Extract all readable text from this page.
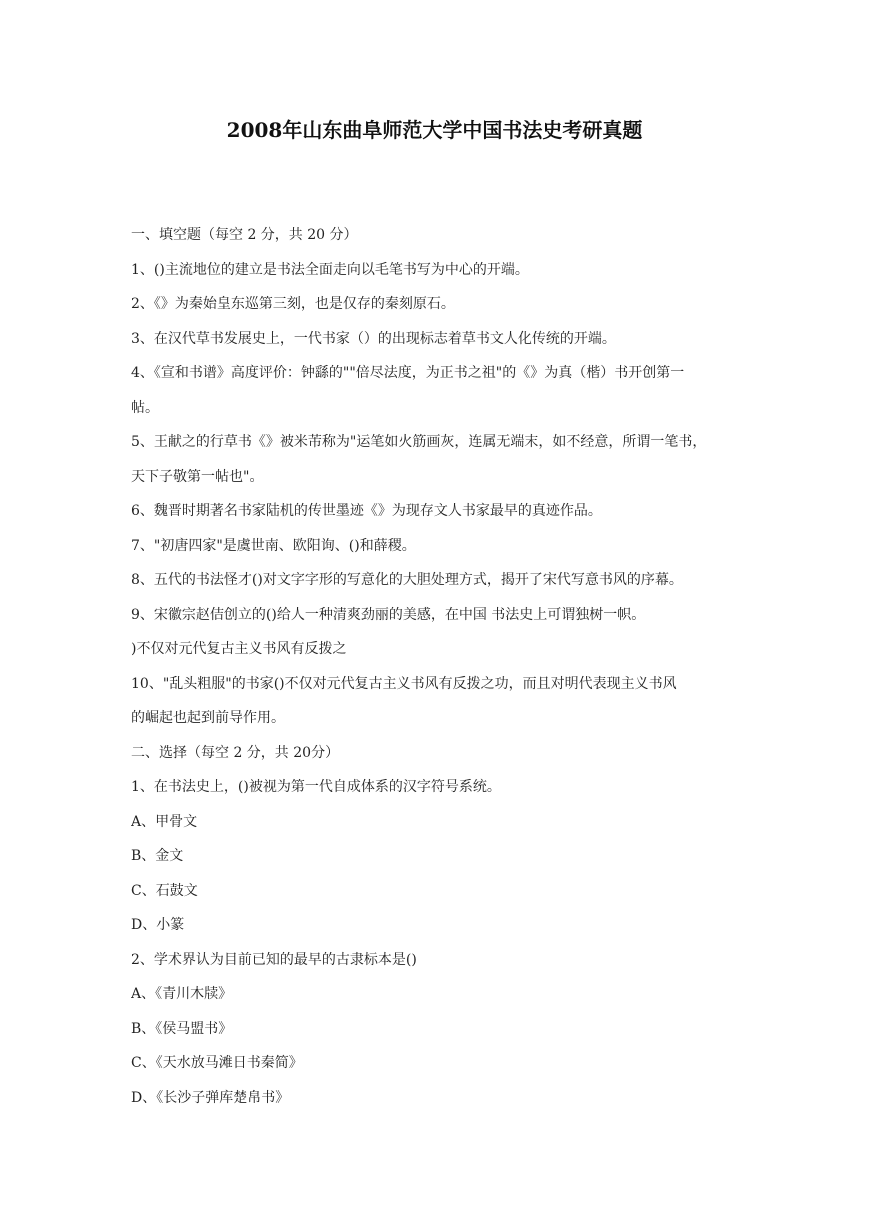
2008年山东曲阜师范大学中国书法史考研真题
一、填空题（每空 2 分，共 20 分）
1、()主流地位的建立是书法全面走向以毛笔书写为中心的开端。
2、《》为秦始皇东巡第三刻，也是仅存的秦刻原石。
3、在汉代草书发展史上，一代书家（）的出现标志着草书文人化传统的开端。
4、《宣和书谱》高度评价：钟繇的""倍尽法度，为正书之祖"的《》为真（楷）书开创第一
帖。
5、王献之的行草书《》被米芾称为"运笔如火筋画灰，连属无端末，如不经意，所谓一笔书，
天下子敬第一帖也"。
6、魏晋时期著名书家陆机的传世墨迹《》为现存文人书家最早的真迹作品。
7、"初唐四家"是虞世南、欧阳询、()和薛稷。
8、五代的书法怪才()对文字字形的写意化的大胆处理方式，揭开了宋代写意书风的序幕。
9、宋徽宗赵佶创立的()给人一种清爽劲丽的美感，在中国 书法史上可谓独树一帜。
)不仅对元代复古主义书风有反拨之
10、"乱头粗服"的书家()不仅对元代复古主义书风有反拨之功，而且对明代表现主义书风
的崛起也起到前导作用。
二、选择（每空 2 分，共 20分）
1、在书法史上，()被视为第一代自成体系的汉字符号系统。
A、甲骨文
B、金文
C、石鼓文
D、小篆
2、学术界认为目前已知的最早的古隶标本是()
A、《青川木牍》
B、《侯马盟书》
C、《天水放马滩日书秦简》
D、《长沙子弹库楚帛书》
